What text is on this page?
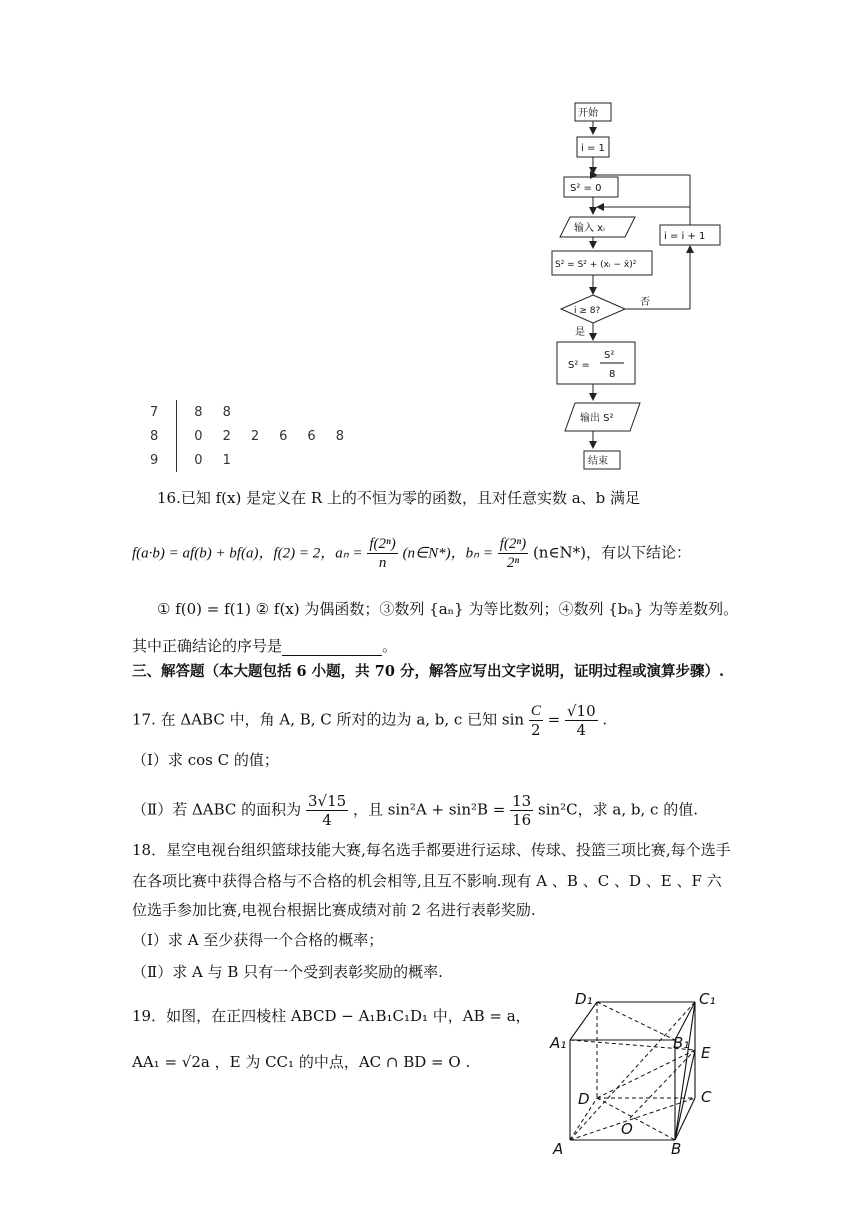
开始
i = 1
S² = 0
输入 xᵢ
S² = S² + (xᵢ − x̄)²
i ≥ 8?
是
否
i = i + 1
S² =
S²
8
输出 S²
结束
7	8	8				
8	0	2	2	6	6	8
9	0	1				
16.已知 f(x) 是定义在 R 上的不恒为零的函数，且对任意实数 a、b 满足
f(a·b) = af(b) + bf(a)，f(2) = 2，$a_n = \frac{\text{f(2ⁿ)}}{n}$ (n∈N*)，$b_n = \frac{\text{f(2ⁿ)}}{\text{2ⁿ}}$ (n∈N*)，有以下结论：
① f(0) = f(1) ② f(x) 为偶函数；③数列 {aₙ} 为等比数列；④数列 {bₙ} 为等差数列。
其中正确结论的序号是	。
三、解答题（本大题包括 6 小题，共 70 分，解答应写出文字说明，证明过程或演算步骤）.
17. 在 ΔABC 中，角 A, B, C 所对的边为 a, b, c 已知 $\sin \frac{C}{2} = \frac{√10}{4}$ .
（Ⅰ）求 cos C 的值；
（Ⅱ）若 ΔABC 的面积为 $\frac{3√15}{4}$ ，且 $\sin^2A + \sin^2B = \frac{13}{16} \sin^2C$，求 a, b, c 的值.
18．星空电视台组织篮球技能大赛,每名选手都要进行运球、传球、投篮三项比赛,每个选手
在各项比赛中获得合格与不合格的机会相等,且互不影响.现有 A 、B 、C 、D 、E 、F 六
位选手参加比赛,电视台根据比赛成绩对前 2 名进行表彰奖励.
（Ⅰ）求 A 至少获得一个合格的概率；
（Ⅱ）求 A 与 B 只有一个受到表彰奖励的概率.
19．如图，在正四棱柱 ABCD − A₁B₁C₁D₁ 中，AB = a，
AA₁ = √2a ，E 为 CC₁ 的中点，AC ∩ BD = O .
D₁	C₁
A₁	B₁
E
D	C
O
A	B
